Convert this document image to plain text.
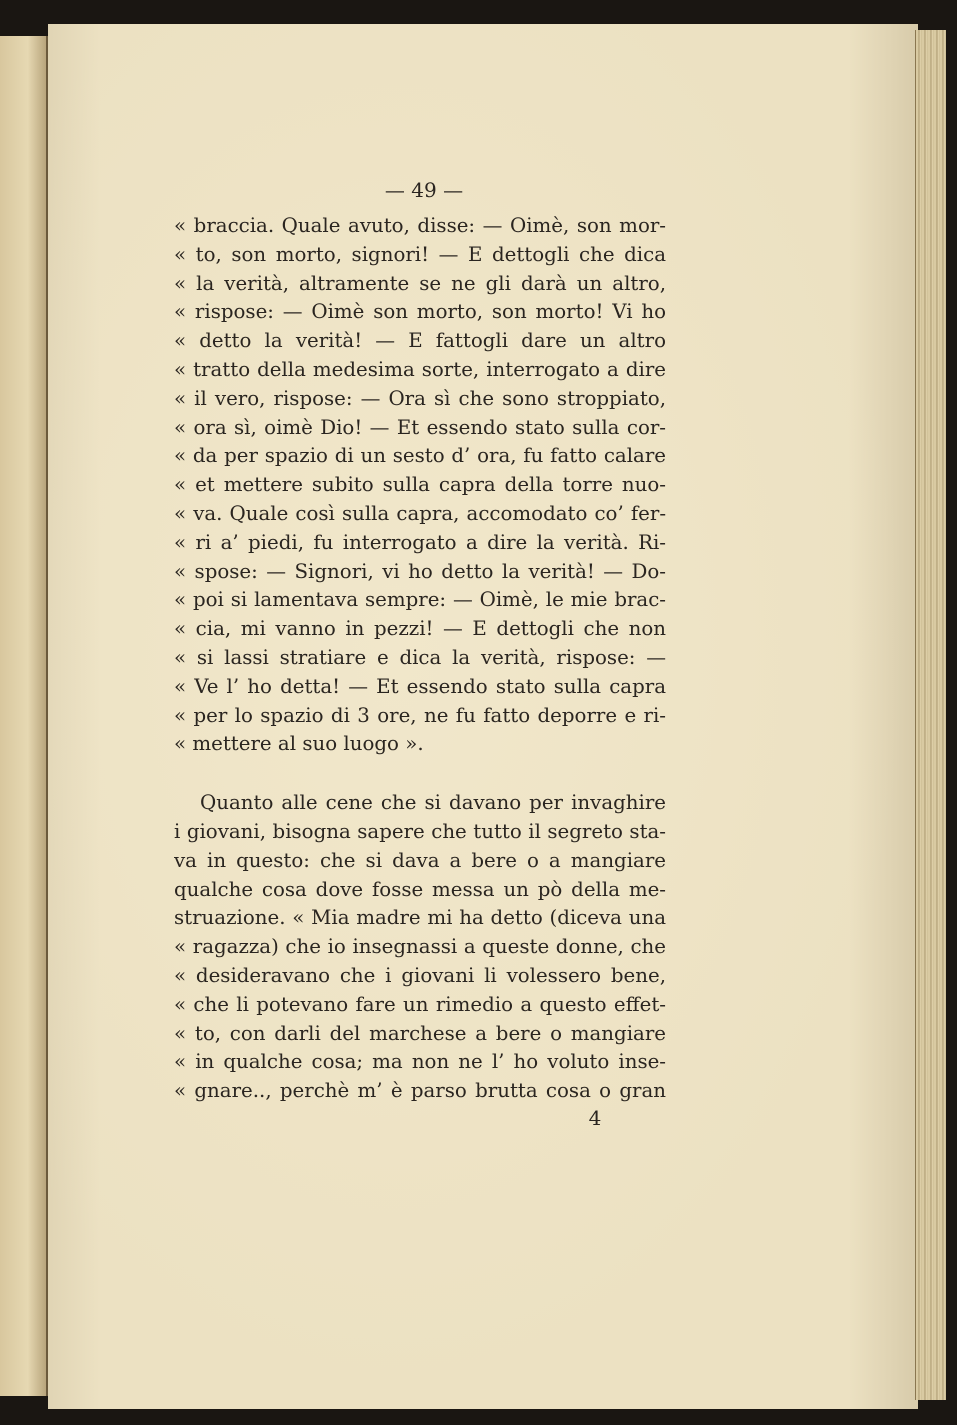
— 49 —
« braccia. Quale avuto, disse: — Oimè, son mor-
« to, son morto, signori! — E dettogli che dica
« la verità, altramente se ne gli darà un altro,
« rispose: — Oimè son morto, son morto! Vi ho
« detto la verità! — E fattogli dare un altro
« tratto della medesima sorte, interrogato a dire
« il vero, rispose: — Ora sì che sono stroppiato,
« ora sì, oimè Dio! — Et essendo stato sulla cor-
« da per spazio di un sesto d’ ora, fu fatto calare
« et mettere subito sulla capra della torre nuo-
« va. Quale così sulla capra, accomodato co’ fer-
« ri a’ piedi, fu interrogato a dire la verità. Ri-
« spose: — Signori, vi ho detto la verità! — Do-
« poi si lamentava sempre: — Oimè, le mie brac-
« cia, mi vanno in pezzi! — E dettogli che non
« si lassi stratiare e dica la verità, rispose: —
« Ve l’ ho detta! — Et essendo stato sulla capra
« per lo spazio di 3 ore, ne fu fatto deporre e ri-
« mettere al suo luogo ».
Quanto alle cene che si davano per invaghire
i giovani, bisogna sapere che tutto il segreto sta-
va in questo: che si dava a bere o a mangiare
qualche cosa dove fosse messa un pò della me-
struazione. « Mia madre mi ha detto (diceva una
« ragazza) che io insegnassi a queste donne, che
« desideravano che i giovani li volessero bene,
« che li potevano fare un rimedio a questo effet-
« to, con darli del marchese a bere o mangiare
« in qualche cosa; ma non ne l’ ho voluto inse-
« gnare.., perchè m’ è parso brutta cosa o gran
4
